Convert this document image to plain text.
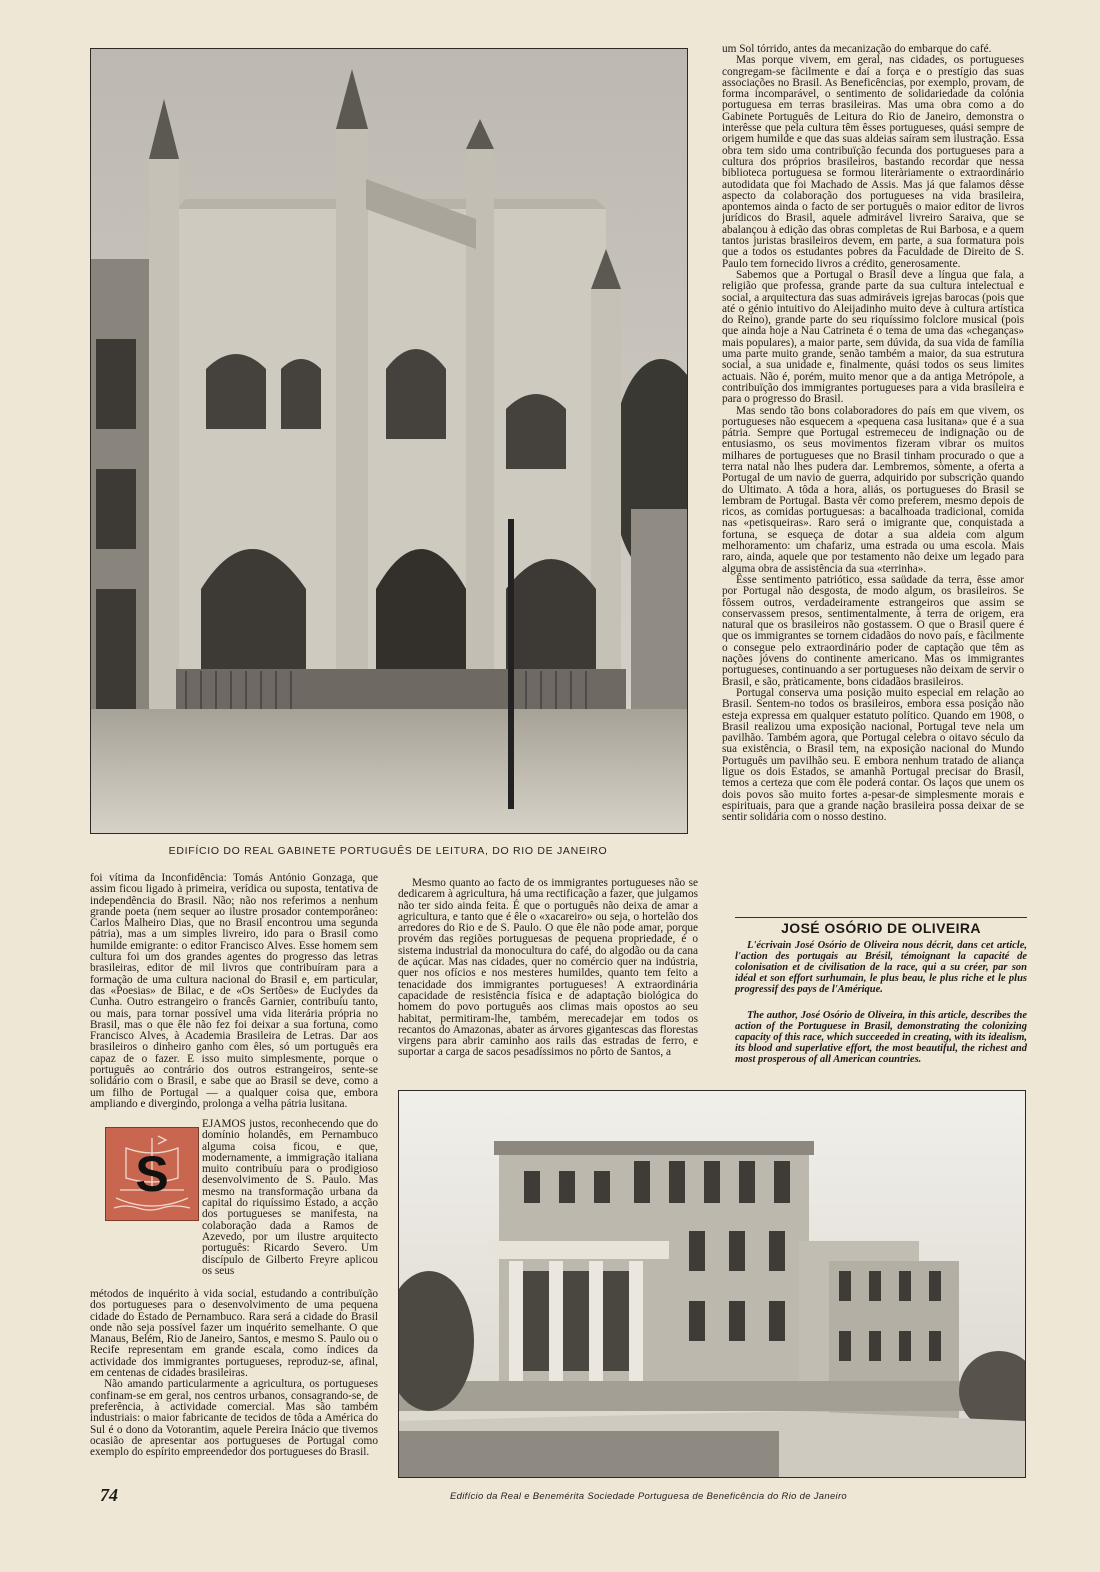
EDIFÍCIO DO REAL GABINETE PORTUGUÊS DE LEITURA, DO RIO DE JANEIRO

um Sol tórrido, antes da mecanização do embarque do café.

Mas porque vivem, em geral, nas cidades, os portugueses congregam-se fàcilmente e daí a força e o prestígio das suas associações no Brasil. As Beneficências, por exemplo, provam, de forma incomparável, o sentimento de solidariedade da colónia portuguesa em terras brasileiras. Mas uma obra como a do Gabinete Português de Leitura do Rio de Janeiro, demonstra o interêsse que pela cultura têm êsses portugueses, quási sempre de origem humilde e que das suas aldeias saíram sem ilustração. Essa obra tem sido uma contribuïção fecunda dos portugueses para a cultura dos próprios brasileiros, bastando recordar que nessa biblioteca portuguesa se formou literàriamente o extraordinário autodidata que foi Machado de Assis. Mas já que falamos dêsse aspecto da colaboração dos portugueses na vida brasileira, apontemos ainda o facto de ser português o maior editor de livros jurídicos do Brasil, aquele admirável livreiro Saraiva, que se abalançou à edição das obras completas de Rui Barbosa, e a quem tantos juristas brasileiros devem, em parte, a sua formatura pois que a todos os estudantes pobres da Faculdade de Direito de S. Paulo tem fornecido livros a crédito, generosamente.

Sabemos que a Portugal o Brasil deve a língua que fala, a religião que professa, grande parte da sua cultura intelectual e social, a arquitectura das suas admiráveis igrejas barocas (pois que até o génio intuitivo do Aleijadinho muito deve à cultura artística do Reino), grande parte do seu riquíssimo folclore musical (pois que ainda hoje a Nau Catrineta é o tema de uma das «cheganças» mais populares), a maior parte, sem dúvida, da sua vida de família uma parte muito grande, senão também a maior, da sua estrutura social, a sua unidade e, finalmente, quási todos os seus limites actuais. Não é, porém, muito menor que a da antiga Metrópole, a contribuïção dos immigrantes portugueses para a vida brasileira e para o progresso do Brasil.

Mas sendo tão bons colaboradores do país em que vivem, os portugueses não esquecem a «pequena casa lusitana» que é a sua pátria. Sempre que Portugal estremeceu de indignação ou de entusiasmo, os seus movimentos fizeram vibrar os muitos milhares de portugueses que no Brasil tinham procurado o que a terra natal não lhes pudera dar. Lembremos, sòmente, a oferta a Portugal de um navio de guerra, adquirido por subscrição quando do Ultimato. A tôda a hora, aliás, os portugueses do Brasil se lembram de Portugal. Basta vêr como preferem, mesmo depois de ricos, as comidas portuguesas: a bacalhoada tradicional, comida nas «petisqueiras». Raro será o imigrante que, conquistada a fortuna, se esqueça de dotar a sua aldeia com algum melhoramento: um chafariz, uma estrada ou uma escola. Mais raro, ainda, aquele que por testamento não deixe um legado para alguma obra de assistência da sua «terrinha».

Êsse sentimento patriótico, essa saüdade da terra, êsse amor por Portugal não desgosta, de modo algum, os brasileiros. Se fôssem outros, verdadeiramente estrangeiros que assim se conservassem presos, sentimentalmente, à terra de origem, era natural que os brasileiros não gostassem. O que o Brasil quere é que os immigrantes se tornem cidadãos do novo país, e fàcilmente o consegue pelo extraordinário poder de captação que têm as nações jóvens do continente americano. Mas os immigrantes portugueses, continuando a ser portugueses não deixam de servir o Brasil, e são, pràticamente, bons cidadãos brasileiros.

Portugal conserva uma posição muito especial em relação ao Brasil. Sentem-no todos os brasileiros, embora essa posição não esteja expressa em qualquer estatuto político. Quando em 1908, o Brasil realizou uma exposição nacional, Portugal teve nela um pavilhão. Também agora, que Portugal celebra o oitavo século da sua existência, o Brasil tem, na exposição nacional do Mundo Português um pavilhão seu. E embora nenhum tratado de aliança ligue os dois Estados, se amanhã Portugal precisar do Brasil, temos a certeza que com êle poderá contar. Os laços que unem os dois povos são muito fortes a-pesar-de simplesmente morais e espirituais, para que a grande nação brasileira possa deixar de se sentir solidária com o nosso destino.

JOSÉ OSÓRIO DE OLIVEIRA

L'écrivain José Osório de Oliveira nous décrit, dans cet article, l'action des portugais au Brésil, témoignant la capacité de colonisation et de civilisation de la race, qui a su créer, par son idéal et son effort surhumain, le plus beau, le plus riche et le plus progressif des pays de l'Amérique.

The author, José Osório de Oliveira, in this article, describes the action of the Portuguese in Brasil, demonstrating the colonizing capacity of this race, which succeeded in creating, with its idealism, its blood and superlative effort, the most beautiful, the richest and most prosperous of all American countries.

foi vítima da Inconfidência: Tomás António Gonzaga, que assim ficou ligado à primeira, verídica ou suposta, tentativa de independência do Brasil. Não; não nos referimos a nenhum grande poeta (nem sequer ao ilustre prosador contemporâneo: Carlos Malheiro Dias, que no Brasil encontrou uma segunda pátria), mas a um simples livreiro, ido para o Brasil como humilde emigrante: o editor Francisco Alves. Esse homem sem cultura foi um dos grandes agentes do progresso das letras brasileiras, editor de mil livros que contribuíram para a formação de uma cultura nacional do Brasil e, em particular, das «Poesias» de Bilac, e de «Os Sertões» de Euclydes da Cunha. Outro estrangeiro o francês Garnier, contribuíu tanto, ou mais, para tornar possível uma vida literária própria no Brasil, mas o que êle não fez foi deixar a sua fortuna, como Francisco Alves, à Academia Brasileira de Letras. Dar aos brasileiros o dinheiro ganho com êles, só um português era capaz de o fazer. E isso muito simplesmente, porque o português ao contrário dos outros estrangeiros, sente-se solidário com o Brasil, e sabe que ao Brasil se deve, como a um filho de Portugal — a qualquer coisa que, embora ampliando e divergindo, prolonga a velha pátria lusitana.

Mesmo quanto ao facto de os immigrantes portugueses não se dedicarem à agricultura, há uma rectificação a fazer, que julgamos não ter sido ainda feita. É que o português não deixa de amar a agricultura, e tanto que é êle o «xacareiro» ou seja, o hortelão dos arredores do Rio e de S. Paulo. O que êle não pode amar, porque provém das regiões portuguesas de pequena propriedade, é o sistema industrial da monocultura do café, do algodão ou da cana de açúcar. Mas nas cidades, quer no comércio quer na indústria, quer nos ofícios e nos mesteres humildes, quanto tem feito a tenacidade dos immigrantes portugueses! A extraordinária capacidade de resistência física e de adaptação biológica do homem do povo português aos climas mais opostos ao seu habitat, permitiram-lhe, também, merecadejar em todos os recantos do Amazonas, abater as árvores gigantescas das florestas virgens para abrir caminho aos rails das estradas de ferro, e suportar a carga de sacos pesadíssimos no pôrto de Santos, a

S

EJAMOS justos, reconhecendo que do domínio holandês, em Pernambuco alguma coisa ficou, e que, modernamente, a immigração italiana muito contribuíu para o prodigioso desenvolvimento de S. Paulo. Mas mesmo na transformação urbana da capital do riquíssimo Estado, a acção dos portugueses se manifesta, na colaboração dada a Ramos de Azevedo, por um ilustre arquitecto português: Ricardo Severo. Um discípulo de Gilberto Freyre aplicou os seus

métodos de inquérito à vida social, estudando a contribuïção dos portugueses para o desenvolvimento de uma pequena cidade do Estado de Pernambuco. Rara será a cidade do Brasil onde não seja possível fazer um inquérito semelhante. O que Manaus, Belém, Rio de Janeiro, Santos, e mesmo S. Paulo ou o Recife representam em grande escala, como índices da actividade dos immigrantes portugueses, reproduz-se, afinal, em centenas de cidades brasileiras.

Não amando particularmente a agricultura, os portugueses confinam-se em geral, nos centros urbanos, consagrando-se, de preferência, à actividade comercial. Mas são também industriais: o maior fabricante de tecidos de tôda a América do Sul é o dono da Votorantim, aquele Pereira Inácio que tivemos ocasião de apresentar aos portugueses de Portugal como exemplo do espírito empreendedor dos portugueses do Brasil.

74	Edifício da Real e Benemérita Sociedade Portuguesa de Beneficência do Rio de Janeiro
